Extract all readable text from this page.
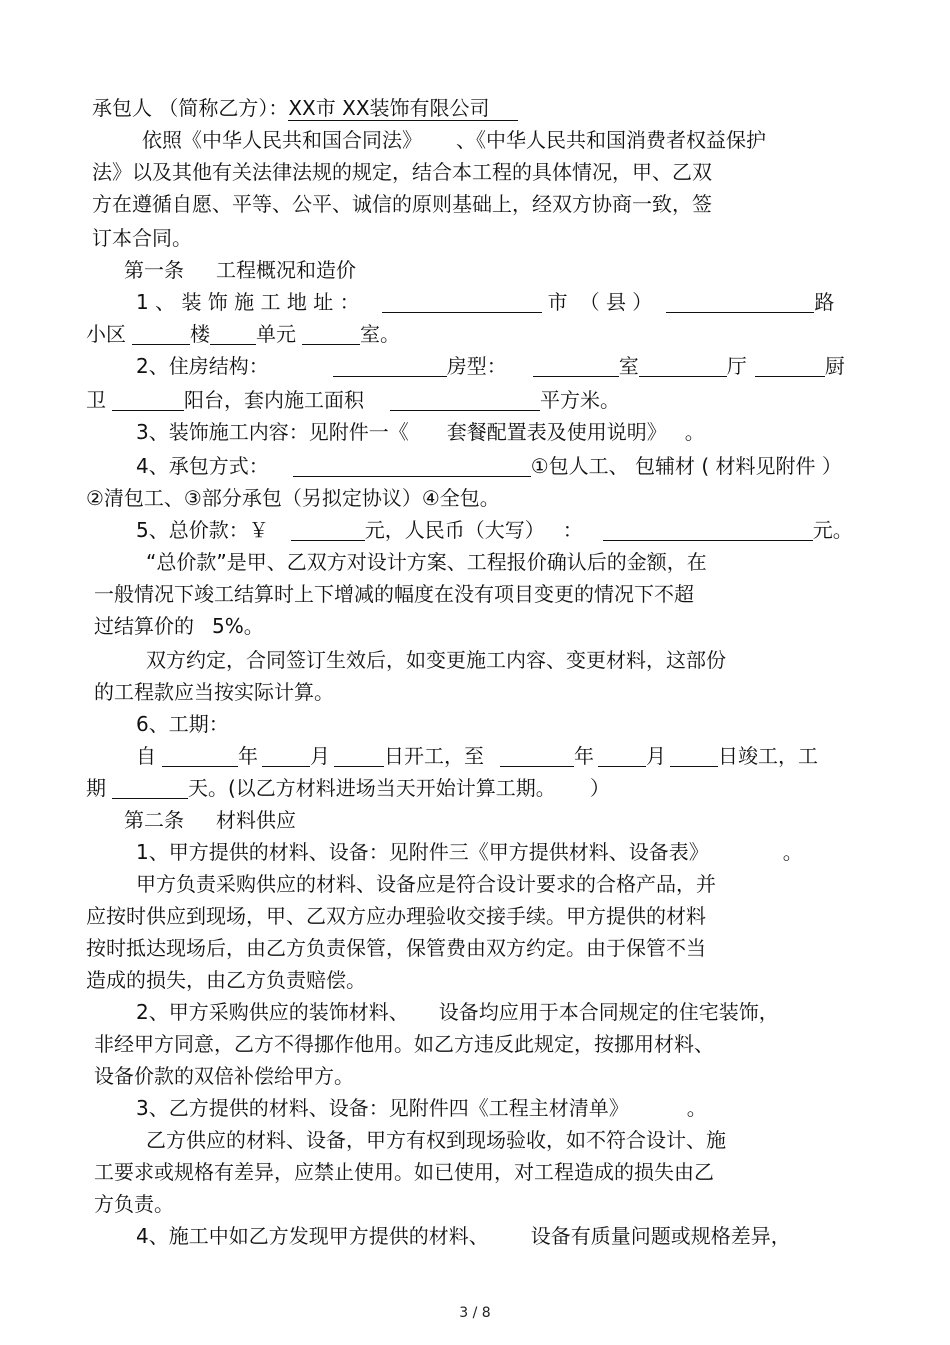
承包人 （简称乙方）：XX市 XX装饰有限公司
依照《中华人民共和国合同法》 、《中华人民共和国消费者权益保护
法》以及其他有关法律法规的规定，结合本工程的具体情况，甲、乙双
方在遵循自愿、平等、公平、诚信的原则基础上，经双方协商一致，签
订本合同。
第一条 工程概况和造价
1 、 装 饰 施 工 地 址 ：	市 （ 县 ）	路
小区	楼 单元	室。
2、住房结构：	房型：	室	厅	厨
卫	阳台，套内施工面积	平方米。
3、装饰施工内容：见附件一《 套餐配置表及使用说明》 。
4、承包方式：	①包人工、 包辅材 ( 材料见附件 ）
②清包工、③部分承包（另拟定协议）④全包。
5、总价款：￥	元，人民币（大写） ：	元。
“总价款”是甲、乙双方对设计方案、工程报价确认后的金额，在
一般情况下竣工结算时上下增减的幅度在没有项目变更的情况下不超
过结算价的 5%。
双方约定，合同签订生效后，如变更施工内容、变更材料，这部份
的工程款应当按实际计算。
6、工期：
自	年	月	日开工，至	年	月	日竣工，工
期	天。(以乙方材料进场当天开始计算工期。 ）
第二条 材料供应
1、甲方提供的材料、设备：见附件三《甲方提供材料、设备表》	。
甲方负责采购供应的材料、设备应是符合设计要求的合格产品，并
应按时供应到现场，甲、乙双方应办理验收交接手续。甲方提供的材料
按时抵达现场后，由乙方负责保管，保管费由双方约定。由于保管不当
造成的损失，由乙方负责赔偿。
2、甲方采购供应的装饰材料、 设备均应用于本合同规定的住宅装饰，
非经甲方同意，乙方不得挪作他用。如乙方违反此规定，按挪用材料、
设备价款的双倍补偿给甲方。
3、乙方提供的材料、设备：见附件四《工程主材清单》	。
乙方供应的材料、设备，甲方有权到现场验收，如不符合设计、施
工要求或规格有差异，应禁止使用。如已使用，对工程造成的损失由乙
方负责。
4、施工中如乙方发现甲方提供的材料、 设备有质量问题或规格差异，
3 / 8
